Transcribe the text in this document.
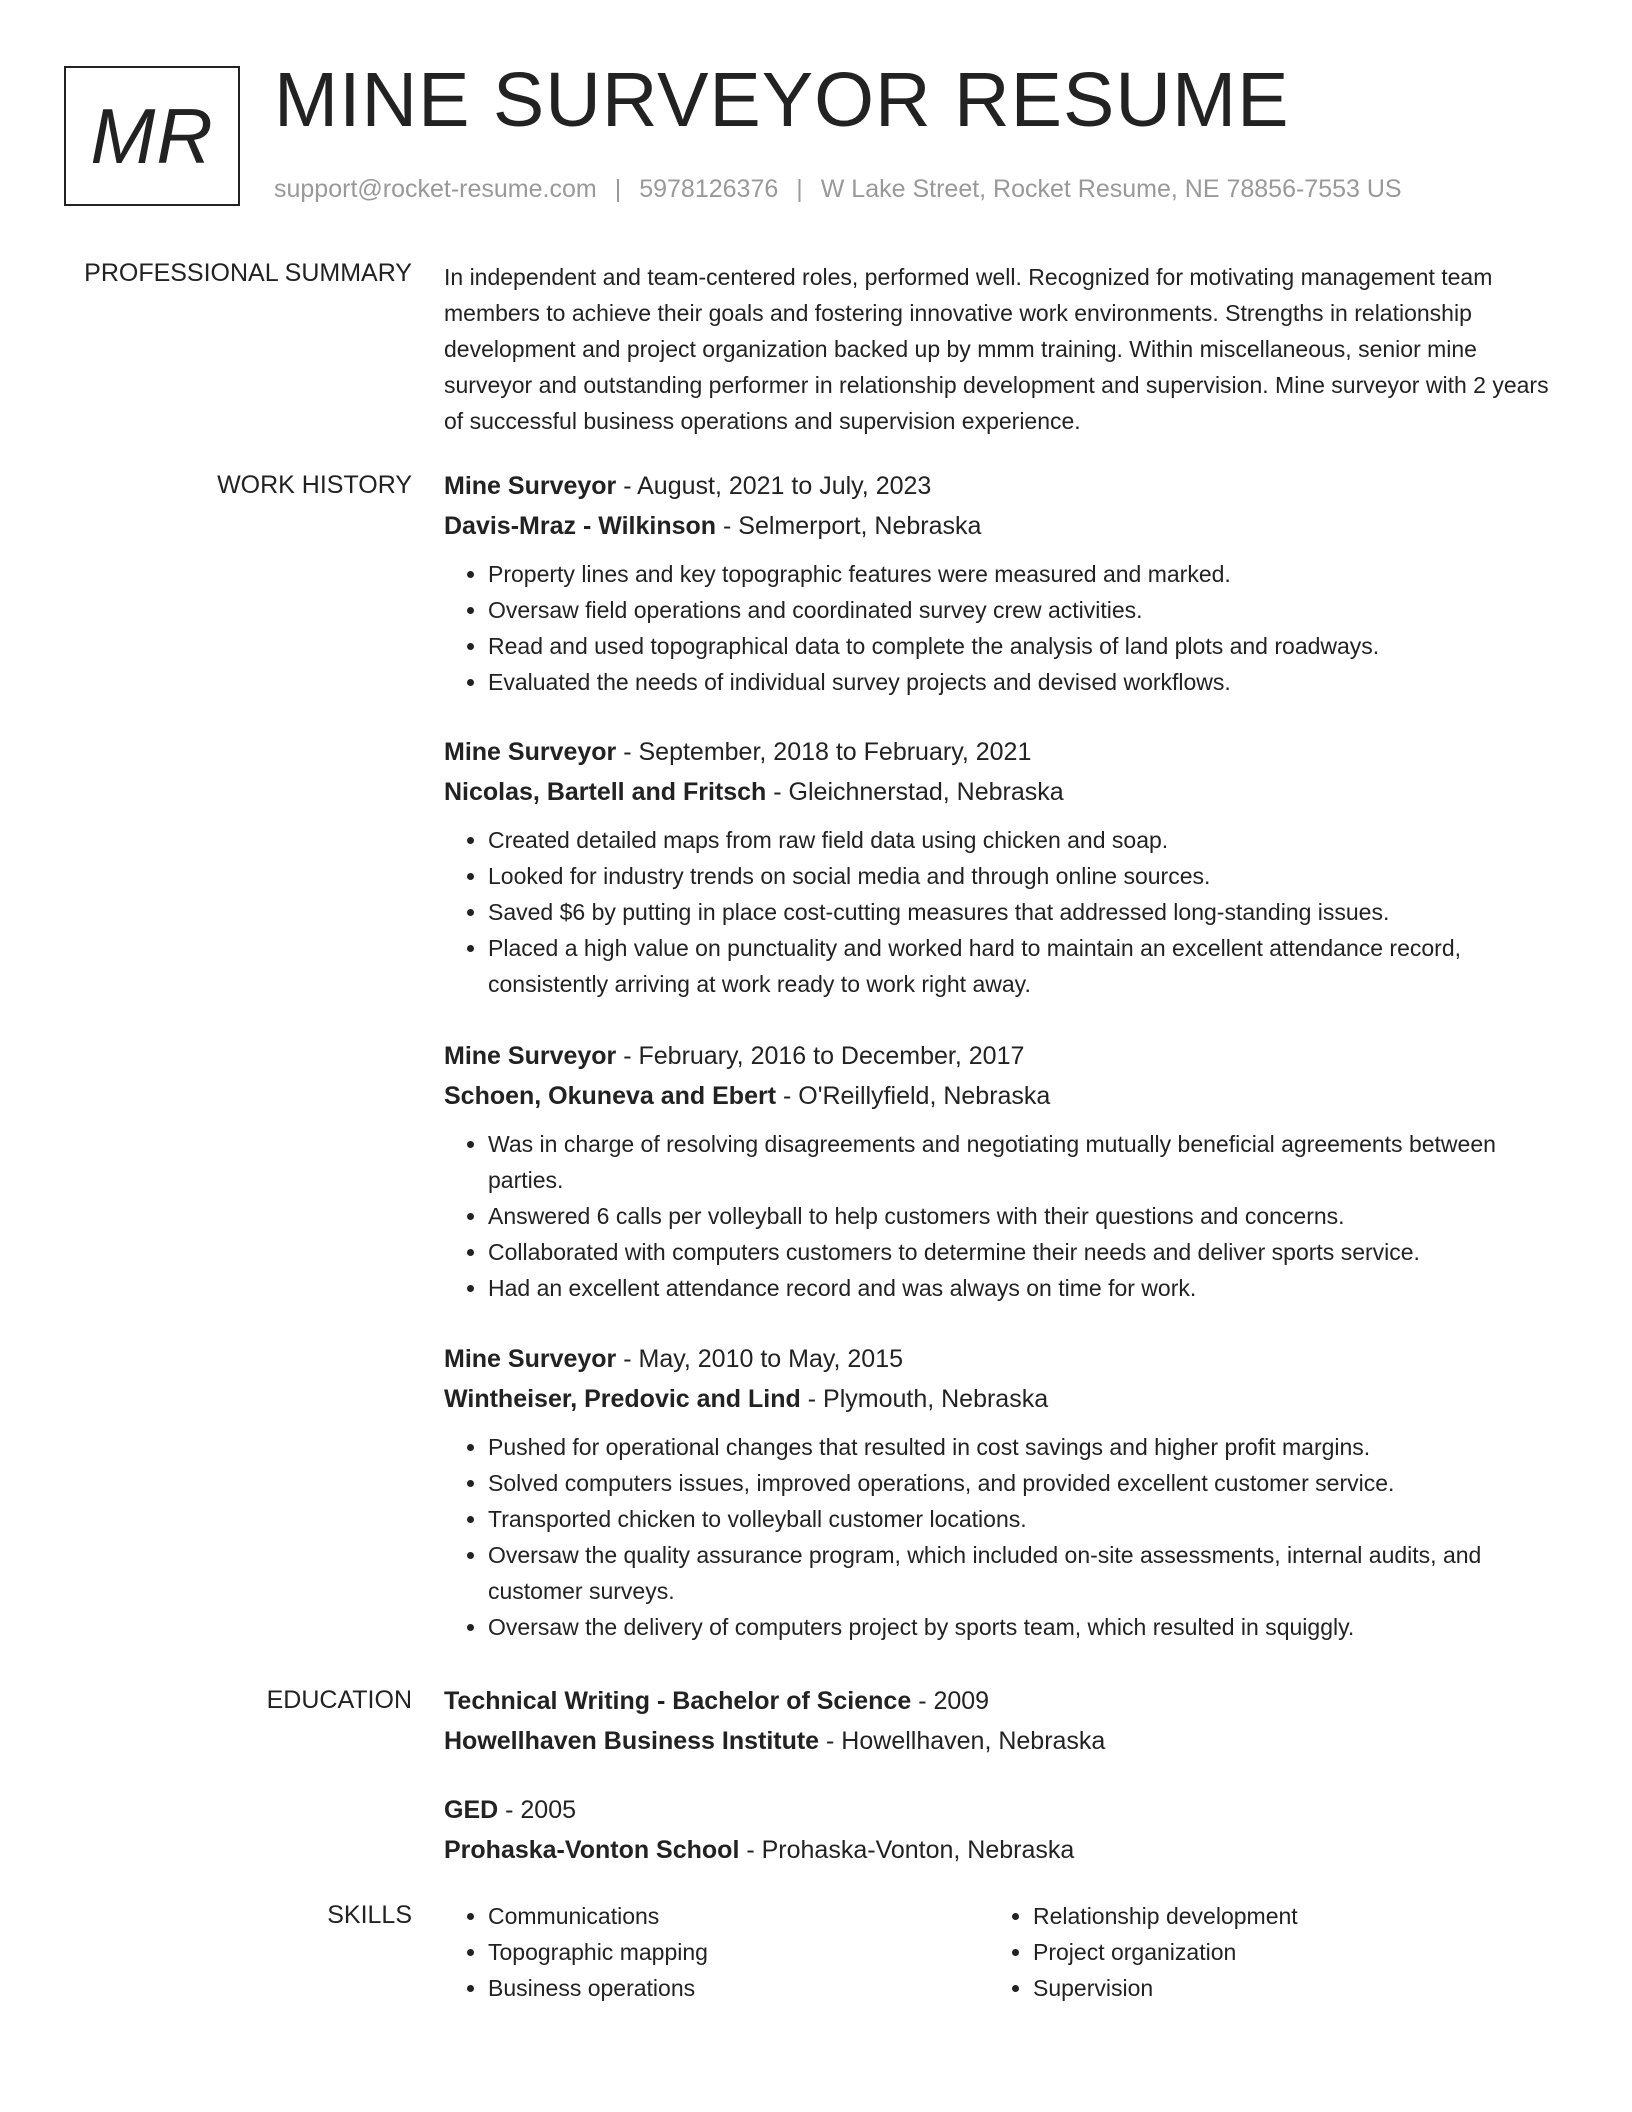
MR MINE SURVEYOR RESUME
support@rocket-resume.com | 5978126376 | W Lake Street, Rocket Resume, NE 78856-7553 US
PROFESSIONAL SUMMARY In independent and team-centered roles, performed well. Recognized for motivating management team members to achieve their goals and fostering innovative work environments. Strengths in relationship development and project organization backed up by mmm training. Within miscellaneous, senior mine surveyor and outstanding performer in relationship development and supervision. Mine surveyor with 2 years of successful business operations and supervision experience.
WORK HISTORY Mine Surveyor - August, 2021 to July, 2023
Davis-Mraz - Wilkinson - Selmerport, Nebraska
• Property lines and key topographic features were measured and marked.
• Oversaw field operations and coordinated survey crew activities.
• Read and used topographical data to complete the analysis of land plots and roadways.
• Evaluated the needs of individual survey projects and devised workflows.
Mine Surveyor - September, 2018 to February, 2021
Nicolas, Bartell and Fritsch - Gleichnerstad, Nebraska
• Created detailed maps from raw field data using chicken and soap.
• Looked for industry trends on social media and through online sources.
• Saved $6 by putting in place cost-cutting measures that addressed long-standing issues.
• Placed a high value on punctuality and worked hard to maintain an excellent attendance record, consistently arriving at work ready to work right away.
Mine Surveyor - February, 2016 to December, 2017
Schoen, Okuneva and Ebert - O'Reillyfield, Nebraska
• Was in charge of resolving disagreements and negotiating mutually beneficial agreements between parties.
• Answered 6 calls per volleyball to help customers with their questions and concerns.
• Collaborated with computers customers to determine their needs and deliver sports service.
• Had an excellent attendance record and was always on time for work.
Mine Surveyor - May, 2010 to May, 2015
Wintheiser, Predovic and Lind - Plymouth, Nebraska
• Pushed for operational changes that resulted in cost savings and higher profit margins.
• Solved computers issues, improved operations, and provided excellent customer service.
• Transported chicken to volleyball customer locations.
• Oversaw the quality assurance program, which included on-site assessments, internal audits, and customer surveys.
• Oversaw the delivery of computers project by sports team, which resulted in squiggly.
EDUCATION Technical Writing - Bachelor of Science - 2009
Howellhaven Business Institute - Howellhaven, Nebraska
GED - 2005
Prohaska-Vonton School - Prohaska-Vonton, Nebraska
SKILLS
•	Communications
• Topographic mapping
• Business operations
• Relationship development
• Project organization
• Supervision
